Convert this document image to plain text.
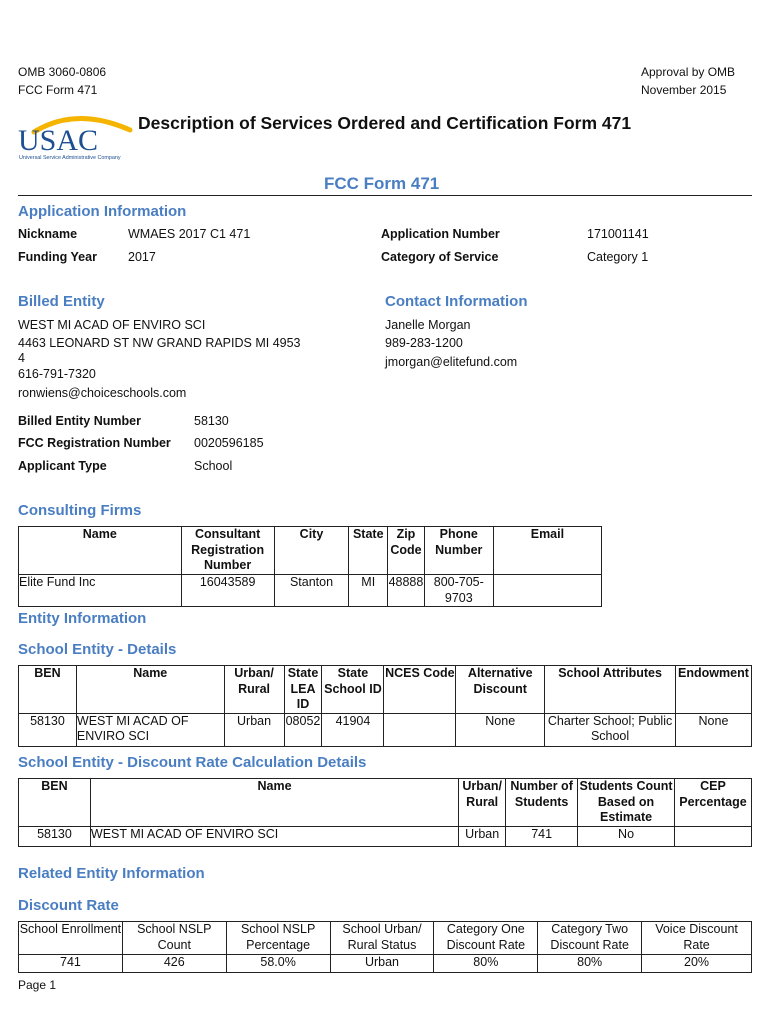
OMB 3060-0806
FCC Form 471
Approval by OMB
November 2015
USAC
Universal Service Administrative Company
Description of Services Ordered and Certification Form 471
FCC Form 471
Application Information
Nickname	WMAES 2017 C1 471	Application Number	171001141
Funding Year 2017	Category of Service	Category 1
Billed Entity
WEST MI ACAD OF ENVIRO SCI
4463 LEONARD ST NW GRAND RAPIDS MI 4953
4
616-791-7320
ronwiens@choiceschools.com
Contact Information
Janelle Morgan
989-283-1200
jmorgan@elitefund.com
Billed Entity Number	58130
FCC Registration Number 0020596185
Applicant Type	School
Consulting Firms
Name	Consultant Registration Number	City	State	Zip Code	Phone Number	Email
Elite Fund Inc	16043589	Stanton	MI	48888	800-705-9703	
Entity Information
School Entity - Details
BEN	Name	Urban/ Rural	State LEA ID	State School ID	NCES Code	Alternative Discount	School Attributes	Endowment
58130	WEST MI ACAD OF ENVIRO SCI	Urban	08052	41904		None	Charter School; Public School	None
School Entity - Discount Rate Calculation Details
BEN	Name	Urban/ Rural	Number of Students	Students Count Based on Estimate	CEP Percentage
58130	WEST MI ACAD OF ENVIRO SCI	Urban	741	No	
Related Entity Information
Discount Rate
School Enrollment	School NSLP Count	School NSLP Percentage	School Urban/ Rural Status	Category One Discount Rate	Category Two Discount Rate	Voice Discount Rate
741	426	58.0%	Urban	80%	80%	20%
Page 1
